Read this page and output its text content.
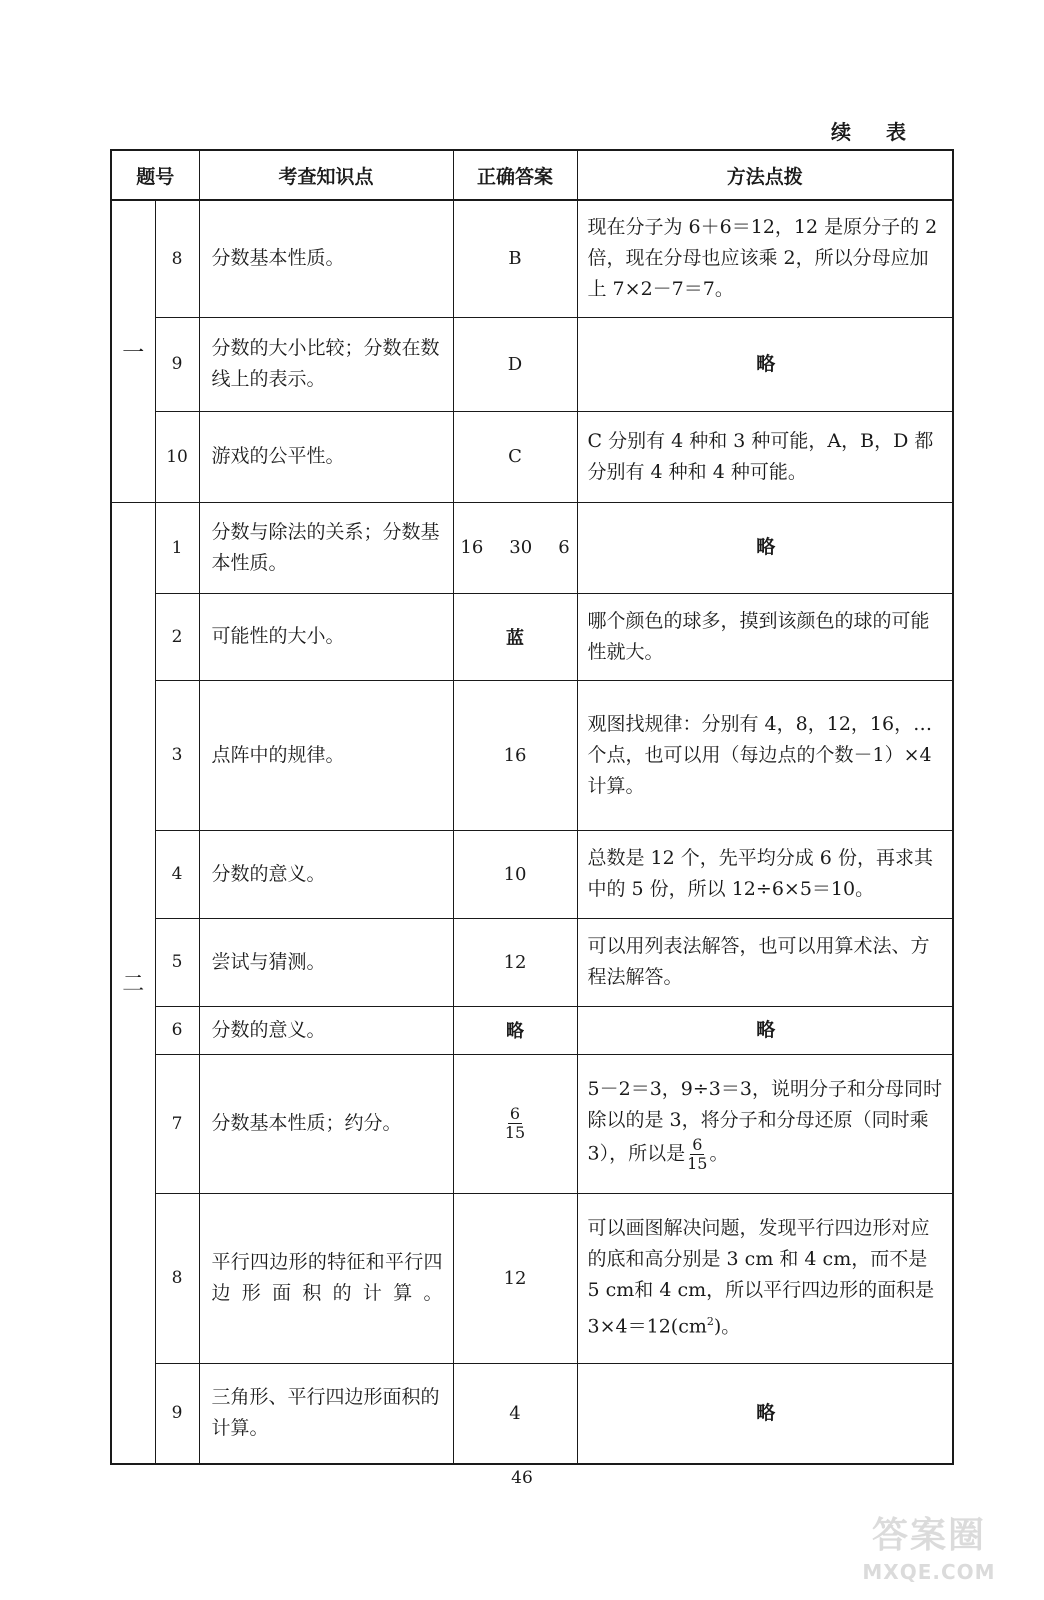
续 表
题号		考查知识点	正确答案	方法点拨
一	8	分数基本性质。	B	现在分子为 6＋6＝12，12 是原分子的 2 倍，现在分母也应该乘 2，所以分母应加上 7×2－7＝7。
	9	分数的大小比较；分数在数线上的表示。	D	略
	10	游戏的公平性。	C	C 分别有 4 种和 3 种可能，A，B，D 都分别有 4 种和 4 种可能。
二	1	分数与除法的关系；分数基本性质。	16 30 6	略
	2	可能性的大小。	蓝	哪个颜色的球多，摸到该颜色的球的可能性就大。
	3	点阵中的规律。	16	观图找规律：分别有 4，8，12，16，…个点，也可以用（每边点的个数－1）×4 计算。
	4	分数的意义。	10	总数是 12 个，先平均分成 6 份，再求其中的 5 份，所以 12÷6×5＝10。
	5	尝试与猜测。	12	可以用列表法解答，也可以用算术法、方程法解答。
	6	分数的意义。	略	略
	7	分数基本性质；约分。	$\frac{6}{15}$	5－2＝3，9÷3＝3，说明分子和分母同时除以的是 3，将分子和分母还原（同时乘 3），所以是 $\frac{6}{15}$ 。
	8	平行四边形的特征和平行四边形面积的计算。	12	可以画图解决问题，发现平行四边形对应的底和高分别是 3 cm 和 4 cm，而不是 5 cm和 4 cm，所以平行四边形的面积是$3\times 4=12(cm^2)$。
	9	三角形、平行四边形面积的计算。	4	略
46
答案圈
MXQE.COM
